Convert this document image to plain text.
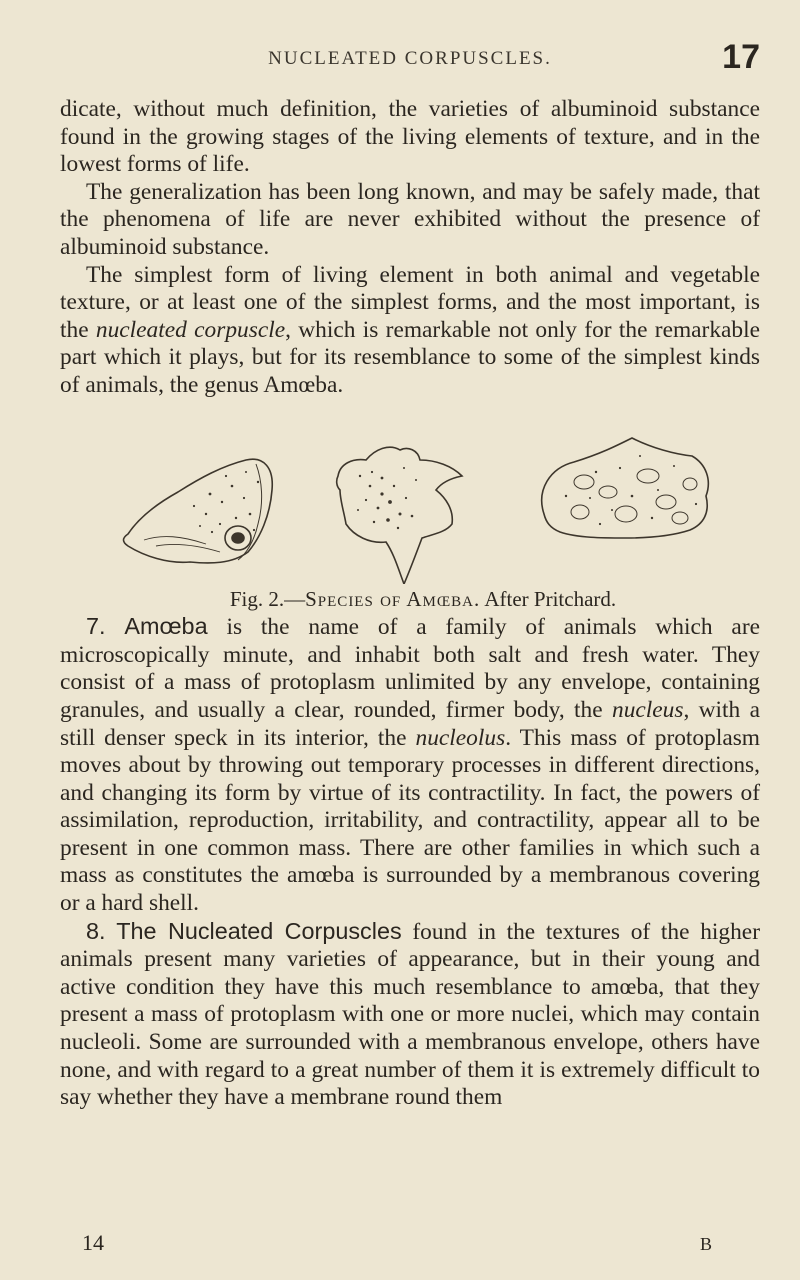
NUCLEATED CORPUSCLES.	17

dicate, without much definition, the varieties of albuminoid substance found in the growing stages of the living elements of texture, and in the lowest forms of life.

The generalization has been long known, and may be safely made, that the phenomena of life are never exhibited without the presence of albuminoid substance.

The simplest form of living element in both animal and vegetable texture, or at least one of the simplest forms, and the most important, is the nucleated corpuscle, which is remarkable not only for the remarkable part which it plays, but for its resemblance to some of the simplest kinds of animals, the genus Amœba.

Fig. 2.—Species of Amœba. After Pritchard.

7. Amœba is the name of a family of animals which are microscopically minute, and inhabit both salt and fresh water. They consist of a mass of protoplasm unlimited by any envelope, containing granules, and usually a clear, rounded, firmer body, the nucleus, with a still denser speck in its interior, the nucleolus. This mass of protoplasm moves about by throwing out temporary processes in different directions, and changing its form by virtue of its contractility. In fact, the powers of assimilation, reproduction, irritability, and contractility, appear all to be present in one common mass. There are other families in which such a mass as constitutes the amœba is surrounded by a membranous covering or a hard shell.

8. The Nucleated Corpuscles found in the textures of the higher animals present many varieties of appearance, but in their young and active condition they have this much resemblance to amœba, that they present a mass of protoplasm with one or more nuclei, which may contain nucleoli. Some are surrounded with a membranous envelope, others have none, and with regard to a great number of them it is extremely difficult to say whether they have a membrane round them

14	B
